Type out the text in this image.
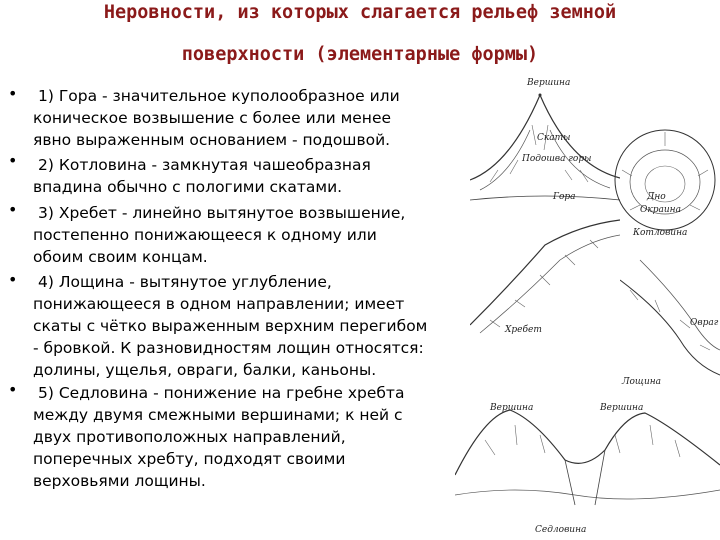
Неровности, из которых слагается рельеф земной
поверхности (элементарные формы)
Вершина
Скаты
Подошва горы
Гора	Дно
Окраина
Котловина
Хребет
Овраг
Лощина
Вершина	Вершина
Седловина
• 1) Гора - значительное куполообразное или
коническое возвышение с более или менее
явно выраженным основанием - подошвой.
• 2) Котловина - замкнутая чашеобразная
впадина обычно с пологими скатами.
• 3) Хребет - линейно вытянутое возвышение,
постепенно понижающееся к одному или
обоим своим концам.
• 4) Лощина - вытянутое углубление,
понижающееся в одном направлении; имеет
скаты с чётко выраженным верхним перегибом
- бровкой. К разновидностям лощин относятся:
долины, ущелья, овраги, балки, каньоны.
• 5) Седловина - понижение на гребне хребта
между двумя смежными вершинами; к ней с
двух противоположных направлений,
поперечных хребту, подходят своими
верховьями лощины.
